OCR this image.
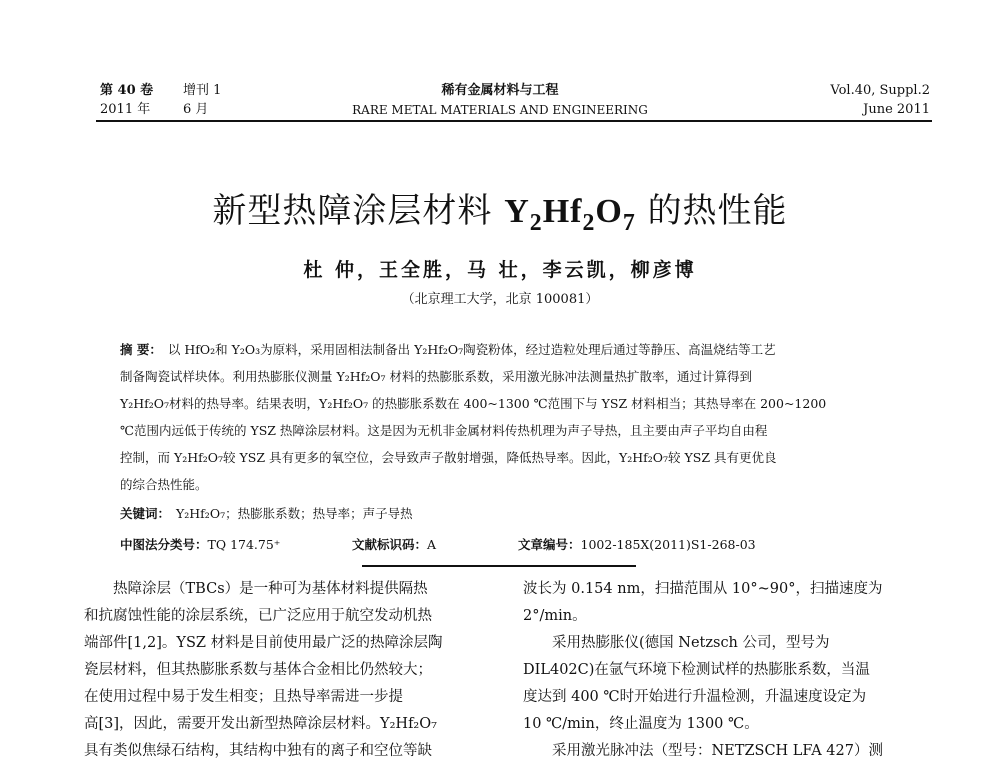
第 40 卷 增刊 1
2011 年	6 月
稀有金属材料与工程
RARE METAL MATERIALS AND ENGINEERING
Vol.40, Suppl.2
June 2011
新型热障涂层材料 $Y_2Hf_2O_7$ 的热性能
杜 仲，王全胜，马 壮，李云凯，柳彦博
（北京理工大学，北京 100081）
摘 要： 以 HfO₂和 Y₂O₃为原料，采用固相法制备出 Y₂Hf₂O₇陶瓷粉体，经过造粒处理后通过等静压、高温烧结等工艺
制备陶瓷试样块体。利用热膨胀仪测量 Y₂Hf₂O₇ 材料的热膨胀系数，采用激光脉冲法测量热扩散率，通过计算得到
Y₂Hf₂O₇材料的热导率。结果表明，Y₂Hf₂O₇ 的热膨胀系数在 400~1300 ℃范围下与 YSZ 材料相当；其热导率在 200~1200
℃范围内远低于传统的 YSZ 热障涂层材料。这是因为无机非金属材料传热机理为声子导热，且主要由声子平均自由程
控制，而 Y₂Hf₂O₇较 YSZ 具有更多的氧空位，会导致声子散射增强，降低热导率。因此，Y₂Hf₂O₇较 YSZ 具有更优良
的综合热性能。
关键词： Y₂Hf₂O₇；热膨胀系数；热导率；声子导热
中图法分类号：TQ 174.75⁺	文献标识码：A	文章编号：1002-185X(2011)S1-268-03

热障涂层（TBCs）是一种可为基体材料提供隔热

和抗腐蚀性能的涂层系统，已广泛应用于航空发动机热

端部件[1,2]。YSZ 材料是目前使用最广泛的热障涂层陶

瓷层材料，但其热膨胀系数与基体合金相比仍然较大；

在使用过程中易于发生相变；且热导率需进一步提

高[3]，因此，需要开发出新型热障涂层材料。Y₂Hf₂O₇

具有类似焦绿石结构，其结构中独有的离子和空位等缺

波长为 0.154 nm，扫描范围从 10°~90°，扫描速度为

2°/min。

采用热膨胀仪(德国 Netzsch 公司，型号为

DIL402C)在氩气环境下检测试样的热膨胀系数，当温

度达到 400 ℃时开始进行升温检测，升温速度设定为

10 ℃/min，终止温度为 1300 ℃。

采用激光脉冲法（型号：NETZSCH LFA 427）测
